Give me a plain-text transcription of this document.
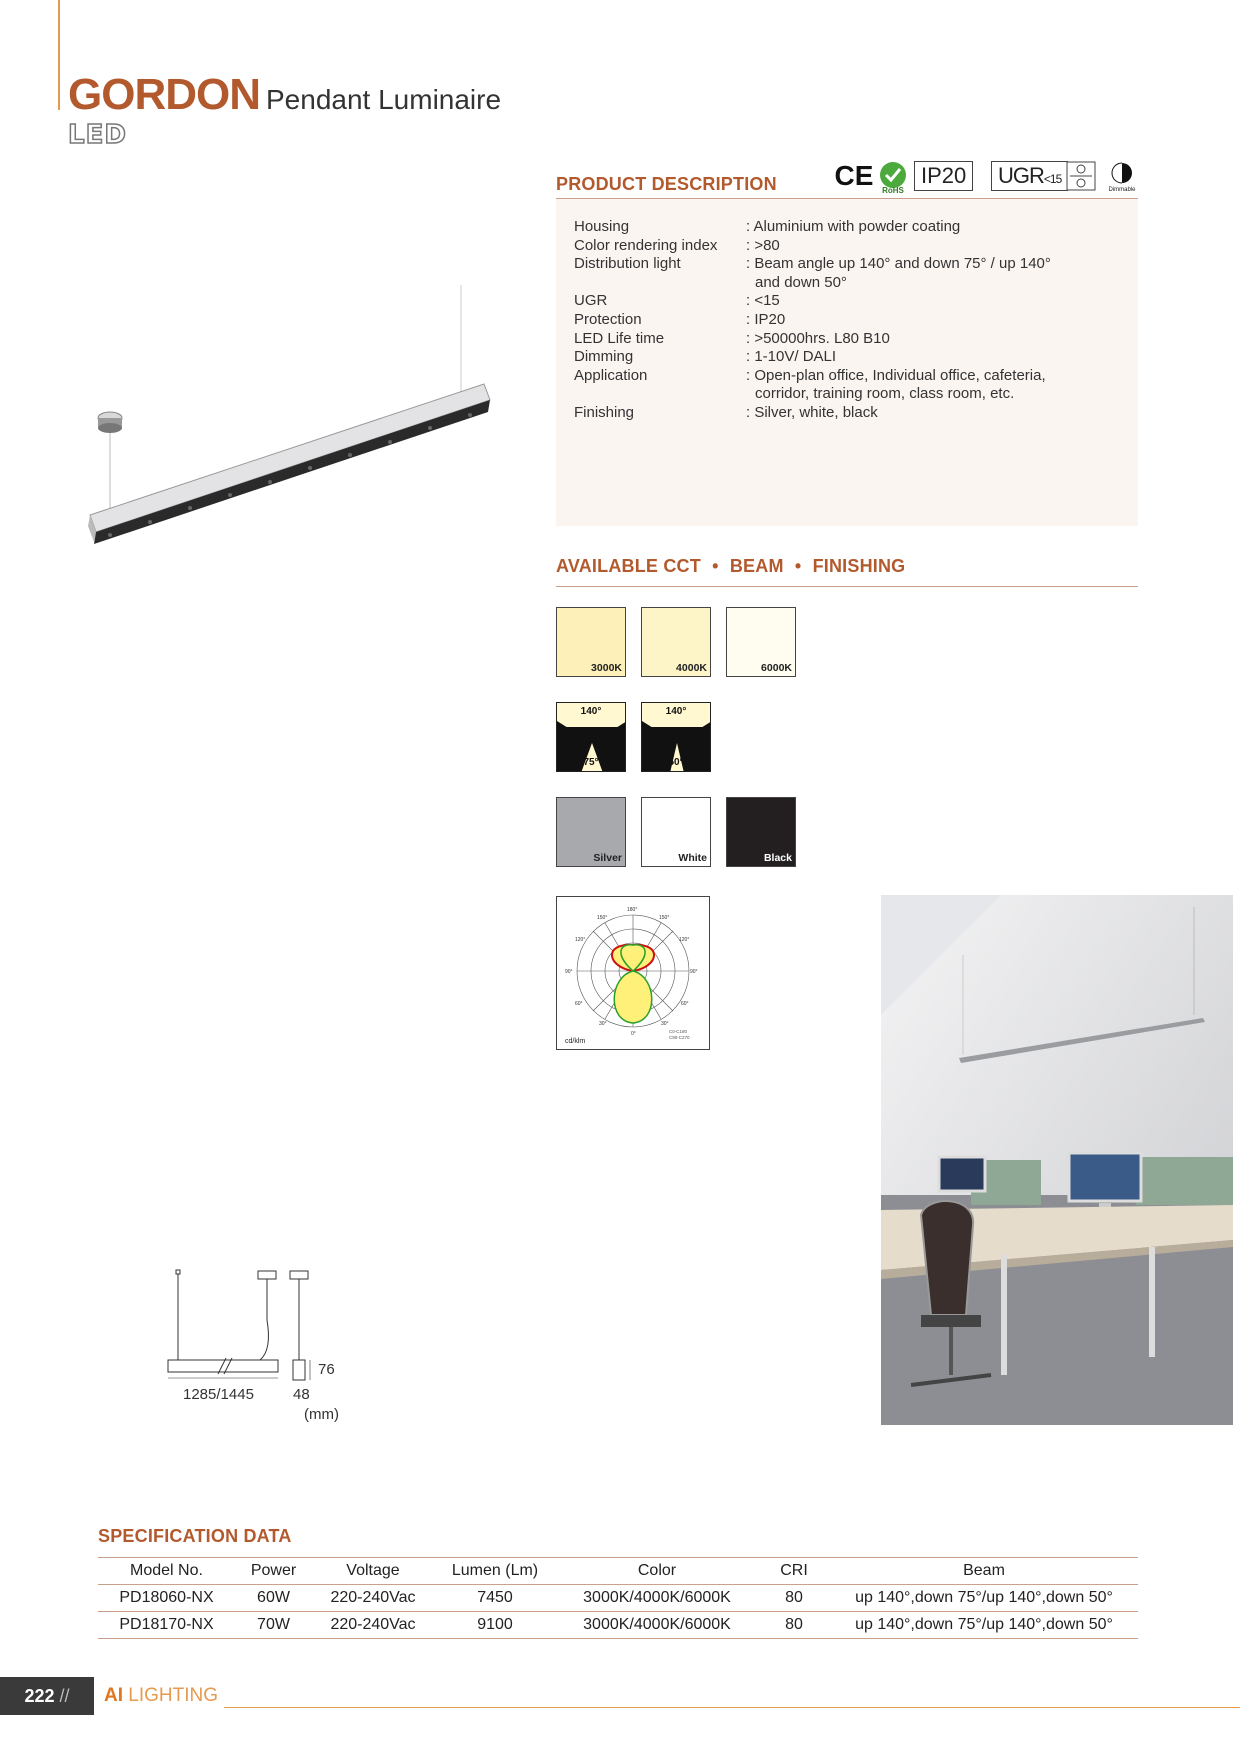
GORDON Pendant Luminaire
LED
PRODUCT DESCRIPTION CE RoHS
IP20	UGR<15
Dimmable
Housing	: Aluminium with powder coating
Color rendering index	: >80
Distribution light	: Beam angle up 140° and down 75° / up 140°
and down 50°

UGR	: <15
Protection	: IP20
LED Life time	: >50000hrs. L80 B10
Dimming	: 1-10V/ DALI
Application	: Open-plan office, Individual office, cafeteria,
corridor, training room, class room, etc.

Finishing	: Silver, white, black
AVAILABLE CCT • BEAM • FINISHING
3000K	4000K	6000K
140°
75°
140°
50°
Silver	White	Black
180°
150°	150°
120°	120°
90°	90°
60°	60°
30°	30°
0°
cd/klm
C0-C180
C90-C270
1285/1445	48
76
(mm)
SPECIFICATION DATA
Model No.	Power	Voltage	Lumen (Lm)	Color	CRI	Beam
PD18060-NX	60W	220-240Vac	7450	3000K/4000K/6000K	80	up 140°,down 75°/up 140°,down 50°
PD18170-NX	70W	220-240Vac	9100	3000K/4000K/6000K	80	up 140°,down 75°/up 140°,down 50°
222 //	AI LIGHTING
